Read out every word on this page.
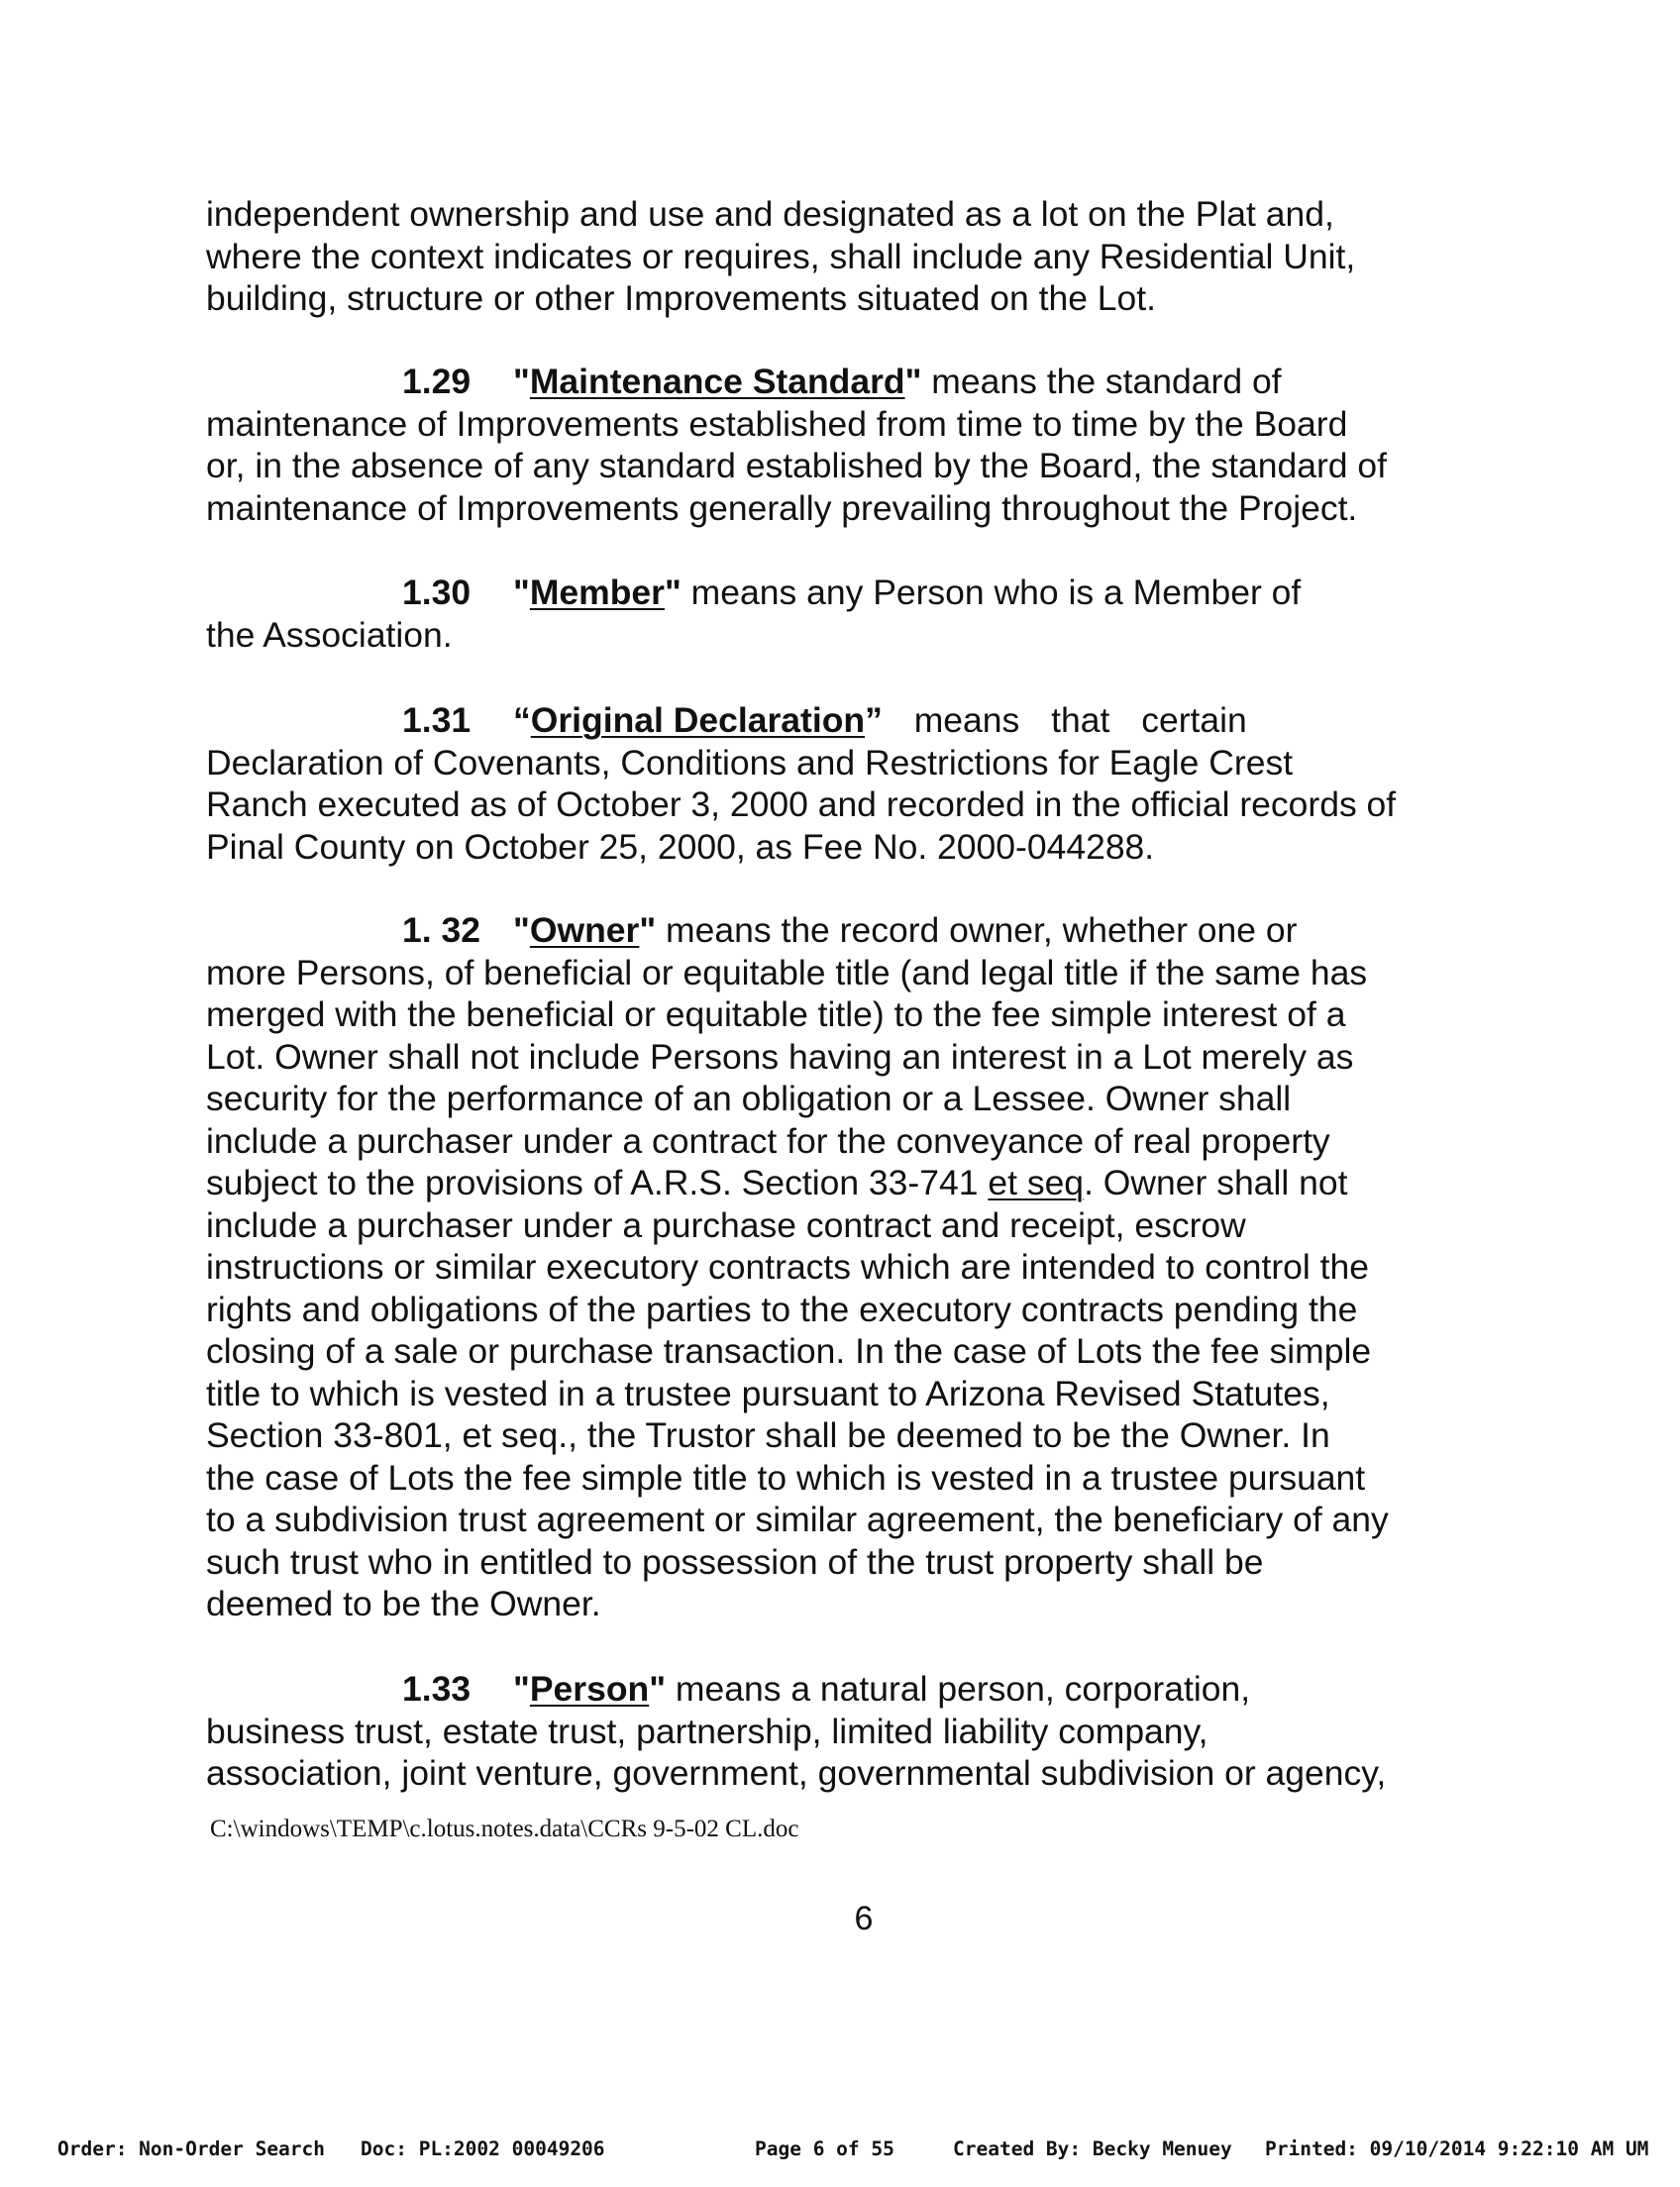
independent ownership and use and designated as a lot on the Plat and,
where the context indicates or requires, shall include any Residential Unit,
building, structure or other Improvements situated on the Lot.

1.29 "Maintenance Standard" means the standard of
maintenance of Improvements established from time to time by the Board
or, in the absence of any standard established by the Board, the standard of
maintenance of Improvements generally prevailing throughout the Project.

1.30 "Member" means any Person who is a Member of
the Association.

1.31 “Original Declaration” means that certain
Declaration of Covenants, Conditions and Restrictions for Eagle Crest
Ranch executed as of October 3, 2000 and recorded in the official records of
Pinal County on October 25, 2000, as Fee No. 2000-044288.

1. 32 "Owner" means the record owner, whether one or
more Persons, of beneficial or equitable title (and legal title if the same has
merged with the beneficial or equitable title) to the fee simple interest of a
Lot. Owner shall not include Persons having an interest in a Lot merely as
security for the performance of an obligation or a Lessee. Owner shall
include a purchaser under a contract for the conveyance of real property
subject to the provisions of A.R.S. Section 33-741 et seq. Owner shall not
include a purchaser under a purchase contract and receipt, escrow
instructions or similar executory contracts which are intended to control the
rights and obligations of the parties to the executory contracts pending the
closing of a sale or purchase transaction. In the case of Lots the fee simple
title to which is vested in a trustee pursuant to Arizona Revised Statutes,
Section 33-801, et seq., the Trustor shall be deemed to be the Owner. In
the case of Lots the fee simple title to which is vested in a trustee pursuant
to a subdivision trust agreement or similar agreement, the beneficiary of any
such trust who in entitled to possession of the trust property shall be
deemed to be the Owner.

1.33 "Person" means a natural person, corporation,
business trust, estate trust, partnership, limited liability company,
association, joint venture, government, governmental subdivision or agency,

C:\windows\TEMP\c.lotus.notes.data\CCRs 9-5-02 CL.doc
6
Order: Non-Order Search Doc: PL:2002 00049206	Page 6 of 55	Created By: Becky Menuey Printed: 09/10/2014 9:22:10 AM UM
